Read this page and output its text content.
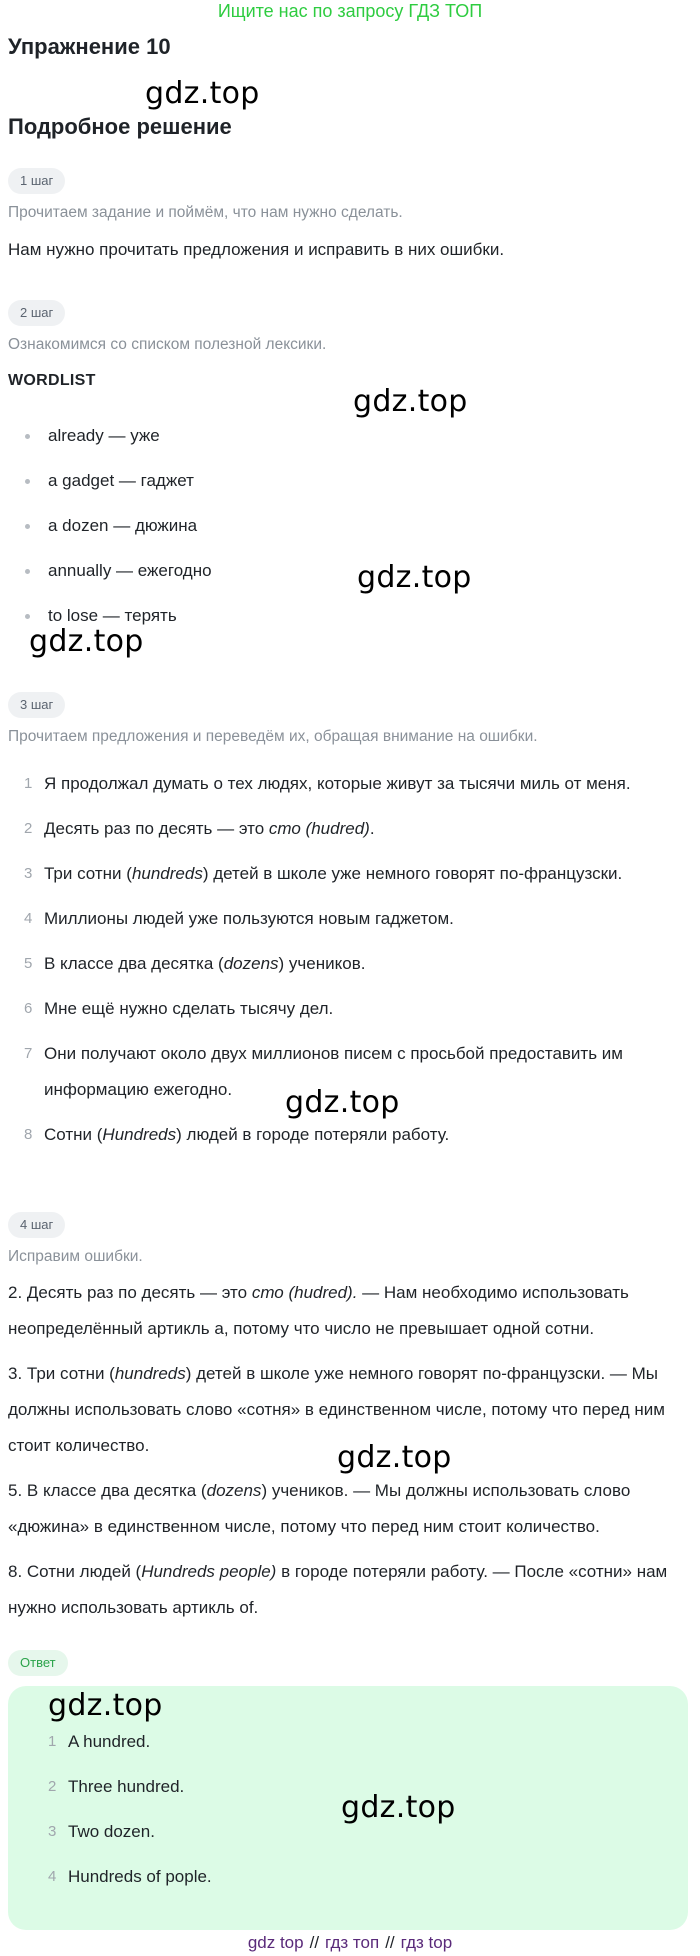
Ищите нас по запросу ГДЗ ТОП
Упражнение 10
gdz.top
Подробное решение
1 шаг
Прочитаем задание и поймём, что нам нужно сделать.
Нам нужно прочитать предложения и исправить в них ошибки.
2 шаг
Ознакомимся со списком полезной лексики.
WORDLIST
gdz.top
already — уже
a gadget — гаджет
a dozen — дюжина
annually — ежегодно
to lose — терять
gdz.top
gdz.top
3 шаг
Прочитаем предложения и переведём их, обращая внимание на ошибки.
1 Я продолжал думать о тех людях, которые живут за тысячи миль от меня.
2 Десять раз по десять — это сто (hudred).
3 Три сотни (hundreds) детей в школе уже немного говорят по-французски.
4 Миллионы людей уже пользуются новым гаджетом.
5 В классе два десятка (dozens) учеников.
6 Мне ещё нужно сделать тысячу дел.
7 Они получают около двух миллионов писем с просьбой предоставить им информацию ежегодно.
8 Сотни (Hundreds) людей в городе потеряли работу.
gdz.top
4 шаг
Исправим ошибки.

2. Десять раз по десять — это сто (hudred). — Нам необходимо использовать неопределённый артикль a, потому что число не превышает одной сотни.

3. Три сотни (hundreds) детей в школе уже немного говорят по-французски. — Мы должны использовать слово «сотня» в единственном числе, потому что перед ним стоит количество.

5. В классе два десятка (dozens) учеников. — Мы должны использовать слово «дюжина» в единственном числе, потому что перед ним стоит количество.

8. Сотни людей (Hundreds people) в городе потеряли работу. — После «сотни» нам нужно использовать артикль of.

gdz.top
Ответ
gdz.top
1 A hundred.
2 Three hundred.
3 Two dozen.
4 Hundreds of pople.
gdz.top
gdz top // гдз топ // гдз top
